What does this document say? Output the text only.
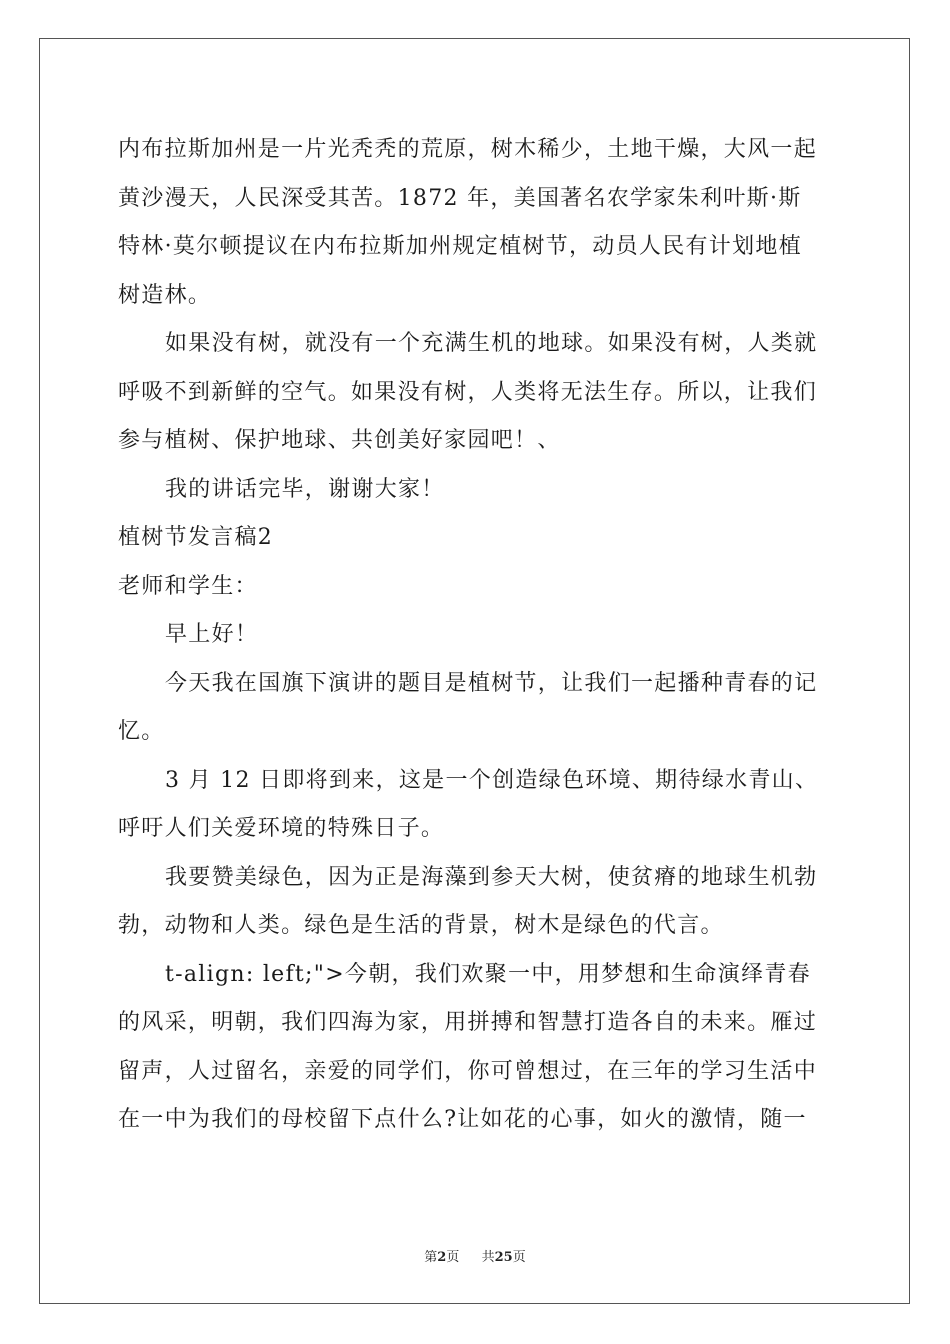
内布拉斯加州是一片光秃秃的荒原，树木稀少，土地干燥，大风一起
黄沙漫天，人民深受其苦。1872 年，美国著名农学家朱利叶斯·斯
特林·莫尔顿提议在内布拉斯加州规定植树节，动员人民有计划地植
树造林。
如果没有树，就没有一个充满生机的地球。如果没有树，人类就
呼吸不到新鲜的空气。如果没有树，人类将无法生存。所以，让我们
参与植树、保护地球、共创美好家园吧！、
我的讲话完毕，谢谢大家！
植树节发言稿2
老师和学生：
早上好！
今天我在国旗下演讲的题目是植树节，让我们一起播种青春的记
忆。
3 月 12 日即将到来，这是一个创造绿色环境、期待绿水青山、
呼吁人们关爱环境的特殊日子。
我要赞美绿色，因为正是海藻到参天大树，使贫瘠的地球生机勃
勃，动物和人类。绿色是生活的背景，树木是绿色的代言。
t-align: left;">今朝，我们欢聚一中，用梦想和生命演绎青春
的风采，明朝，我们四海为家，用拼搏和智慧打造各自的未来。雁过
留声，人过留名，亲爱的同学们，你可曾想过，在三年的学习生活中
在一中为我们的母校留下点什么?让如花的心事，如火的激情，随一
第2页 共25页
